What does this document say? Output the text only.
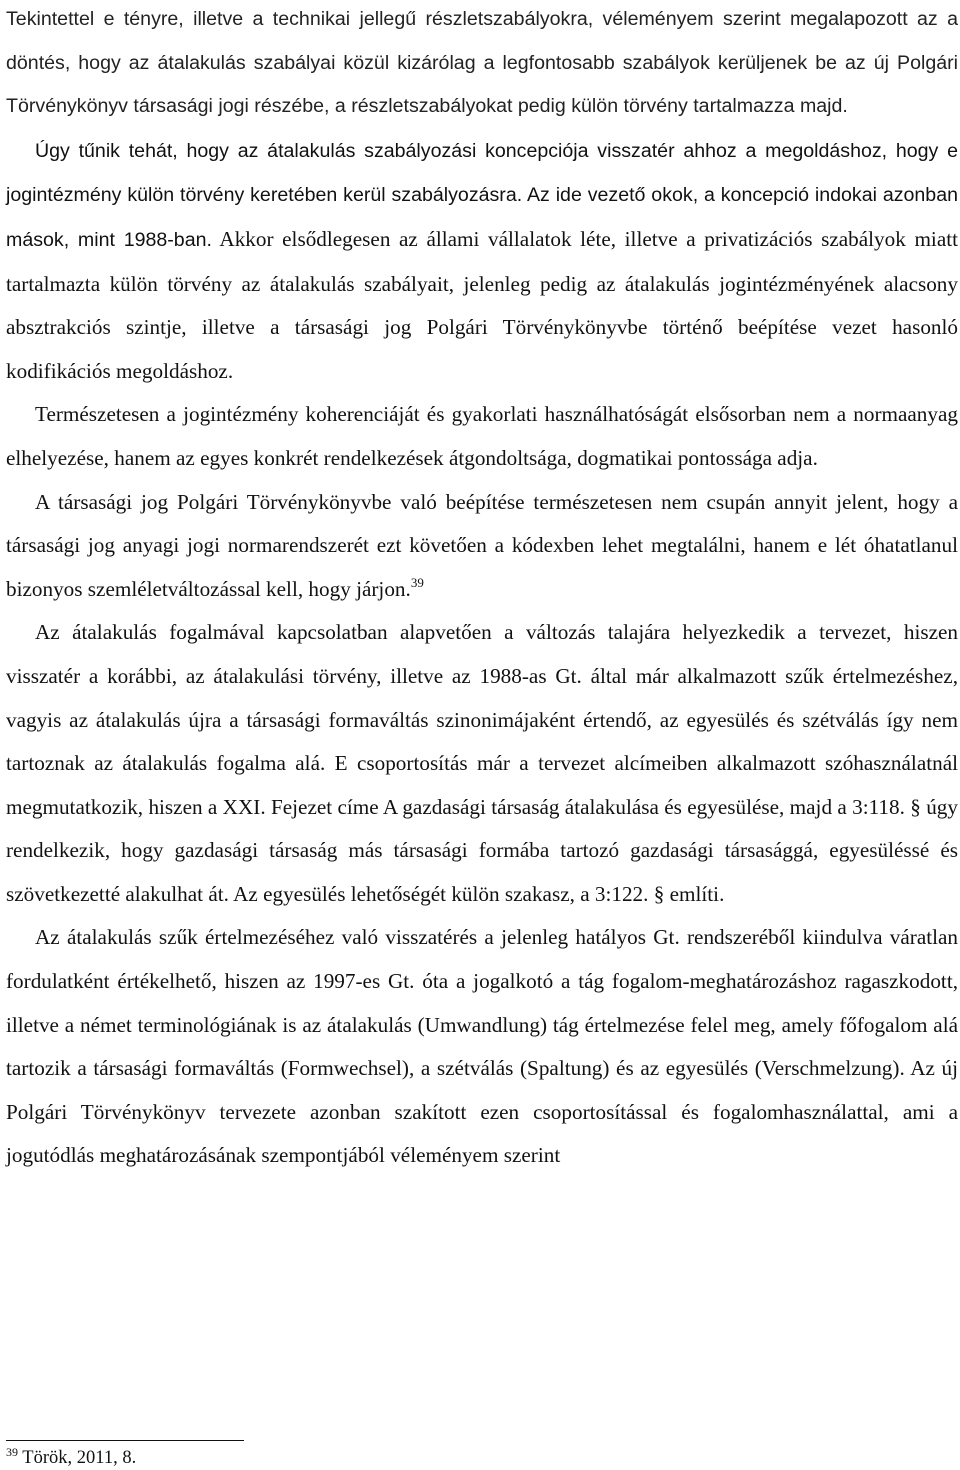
Tekintettel e tényre, illetve a technikai jellegű részletszabályokra, véleményem szerint megalapozott az a döntés, hogy az átalakulás szabályai közül kizárólag a legfontosabb szabályok kerüljenek be az új Polgári Törvénykönyv társasági jogi részébe, a részletszabályokat pedig külön törvény tartalmazza majd.

Úgy tűnik tehát, hogy az átalakulás szabályozási koncepciója visszatér ahhoz a megoldáshoz, hogy e jogintézmény külön törvény keretében kerül szabályozásra. Az ide vezető okok, a koncepció indokai azonban mások, mint 1988-ban. Akkor elsődlegesen az állami vállalatok léte, illetve a privatizációs szabályok miatt tartalmazta külön törvény az átalakulás szabályait, jelenleg pedig az átalakulás jogintézményének alacsony absztrakciós szintje, illetve a társasági jog Polgári Törvénykönyvbe történő beépítése vezet hasonló kodifikációs megoldáshoz.

Természetesen a jogintézmény koherenciáját és gyakorlati használhatóságát elsősorban nem a normaanyag elhelyezése, hanem az egyes konkrét rendelkezések átgondoltsága, dogmatikai pontossága adja.

A társasági jog Polgári Törvénykönyvbe való beépítése természetesen nem csupán annyit jelent, hogy a társasági jog anyagi jogi normarendszerét ezt követően a kódexben lehet megtalálni, hanem e lét óhatatlanul bizonyos szemléletváltozással kell, hogy járjon.$^{39}$

Az átalakulás fogalmával kapcsolatban alapvetően a változás talajára helyezkedik a tervezet, hiszen visszatér a korábbi, az átalakulási törvény, illetve az 1988-as Gt. által már alkalmazott szűk értelmezéshez, vagyis az átalakulás újra a társasági formaváltás szinonimájaként értendő, az egyesülés és szétválás így nem tartoznak az átalakulás fogalma alá. E csoportosítás már a tervezet alcímeiben alkalmazott szóhasználatnál megmutatkozik, hiszen a XXI. Fejezet címe A gazdasági társaság átalakulása és egyesülése, majd a 3:118. § úgy rendelkezik, hogy gazdasági társaság más társasági formába tartozó gazdasági társasággá, egyesüléssé és szövetkezetté alakulhat át. Az egyesülés lehetőségét külön szakasz, a 3:122. § említi.

Az átalakulás szűk értelmezéséhez való visszatérés a jelenleg hatályos Gt. rendszeréből kiindulva váratlan fordulatként értékelhető, hiszen az 1997-es Gt. óta a jogalkotó a tág fogalom-meghatározáshoz ragaszkodott, illetve a német terminológiának is az átalakulás (Umwandlung) tág értelmezése felel meg, amely főfogalom alá tartozik a társasági formaváltás (Formwechsel), a szétválás (Spaltung) és az egyesülés (Verschmelzung). Az új Polgári Törvénykönyv tervezete azonban szakított ezen csoportosítással és fogalomhasználattal, ami a jogutódlás meghatározásának szempontjából véleményem szerint

$^{39}$ Török, 2011, 8.
